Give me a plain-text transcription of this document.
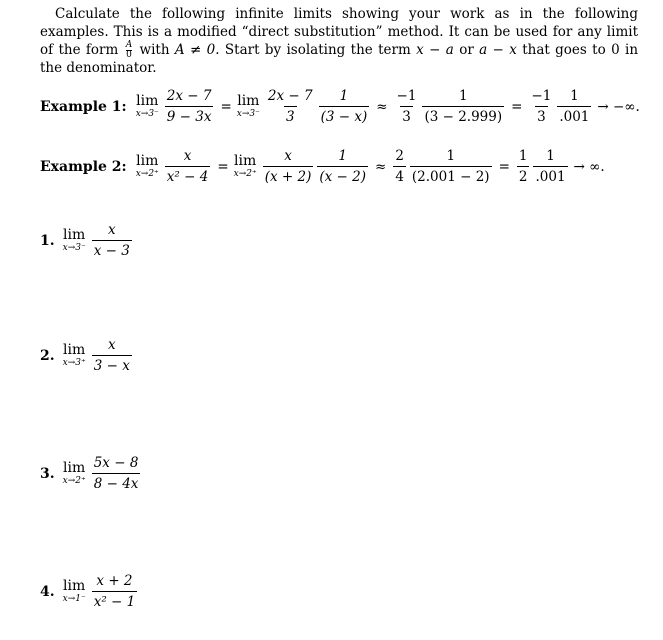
Calculate the following infinite limits showing your work as in the following examples. This is a modified “direct substitution” method. It can be used for any limit of the form $\frac{A}{0}$ with A ≠ 0. Start by isolating the term x − a or a − x that goes to 0 in the denominator.
Example 1: lim
$x\to 3^- \frac{2x - 7}{9 - 3x} = \lim$
$x\to 3^- \frac{2x - 7}{3} \frac{1}{(3 - x)} \approx \frac{-1}{3} \frac{1}{(3 - 2.999)} = \frac{-1}{3} \frac{1}{.001}$ → −∞.
Example 2: lim
$x\to 2^+ \frac{x}{\text{x² − 4}} = \lim$
$x\to 2^+ \frac{x}{(x + 2)} \frac{1}{(x - 2)} \approx \frac{2}{4} \frac{1}{(2.001 - 2)} = \frac{1}{2} \frac{1}{.001}$ → ∞.
1. lim
$x\to 3^- \frac{x}{x - 3}$
2. lim
$x\to 3^+ \frac{x}{3 - x}$
3. lim
$x\to 2^+ \frac{5x - 8}{8 - 4x}$
4. lim
$x\to 1^- \frac{x + 2}{\text{x² − 1}}$
